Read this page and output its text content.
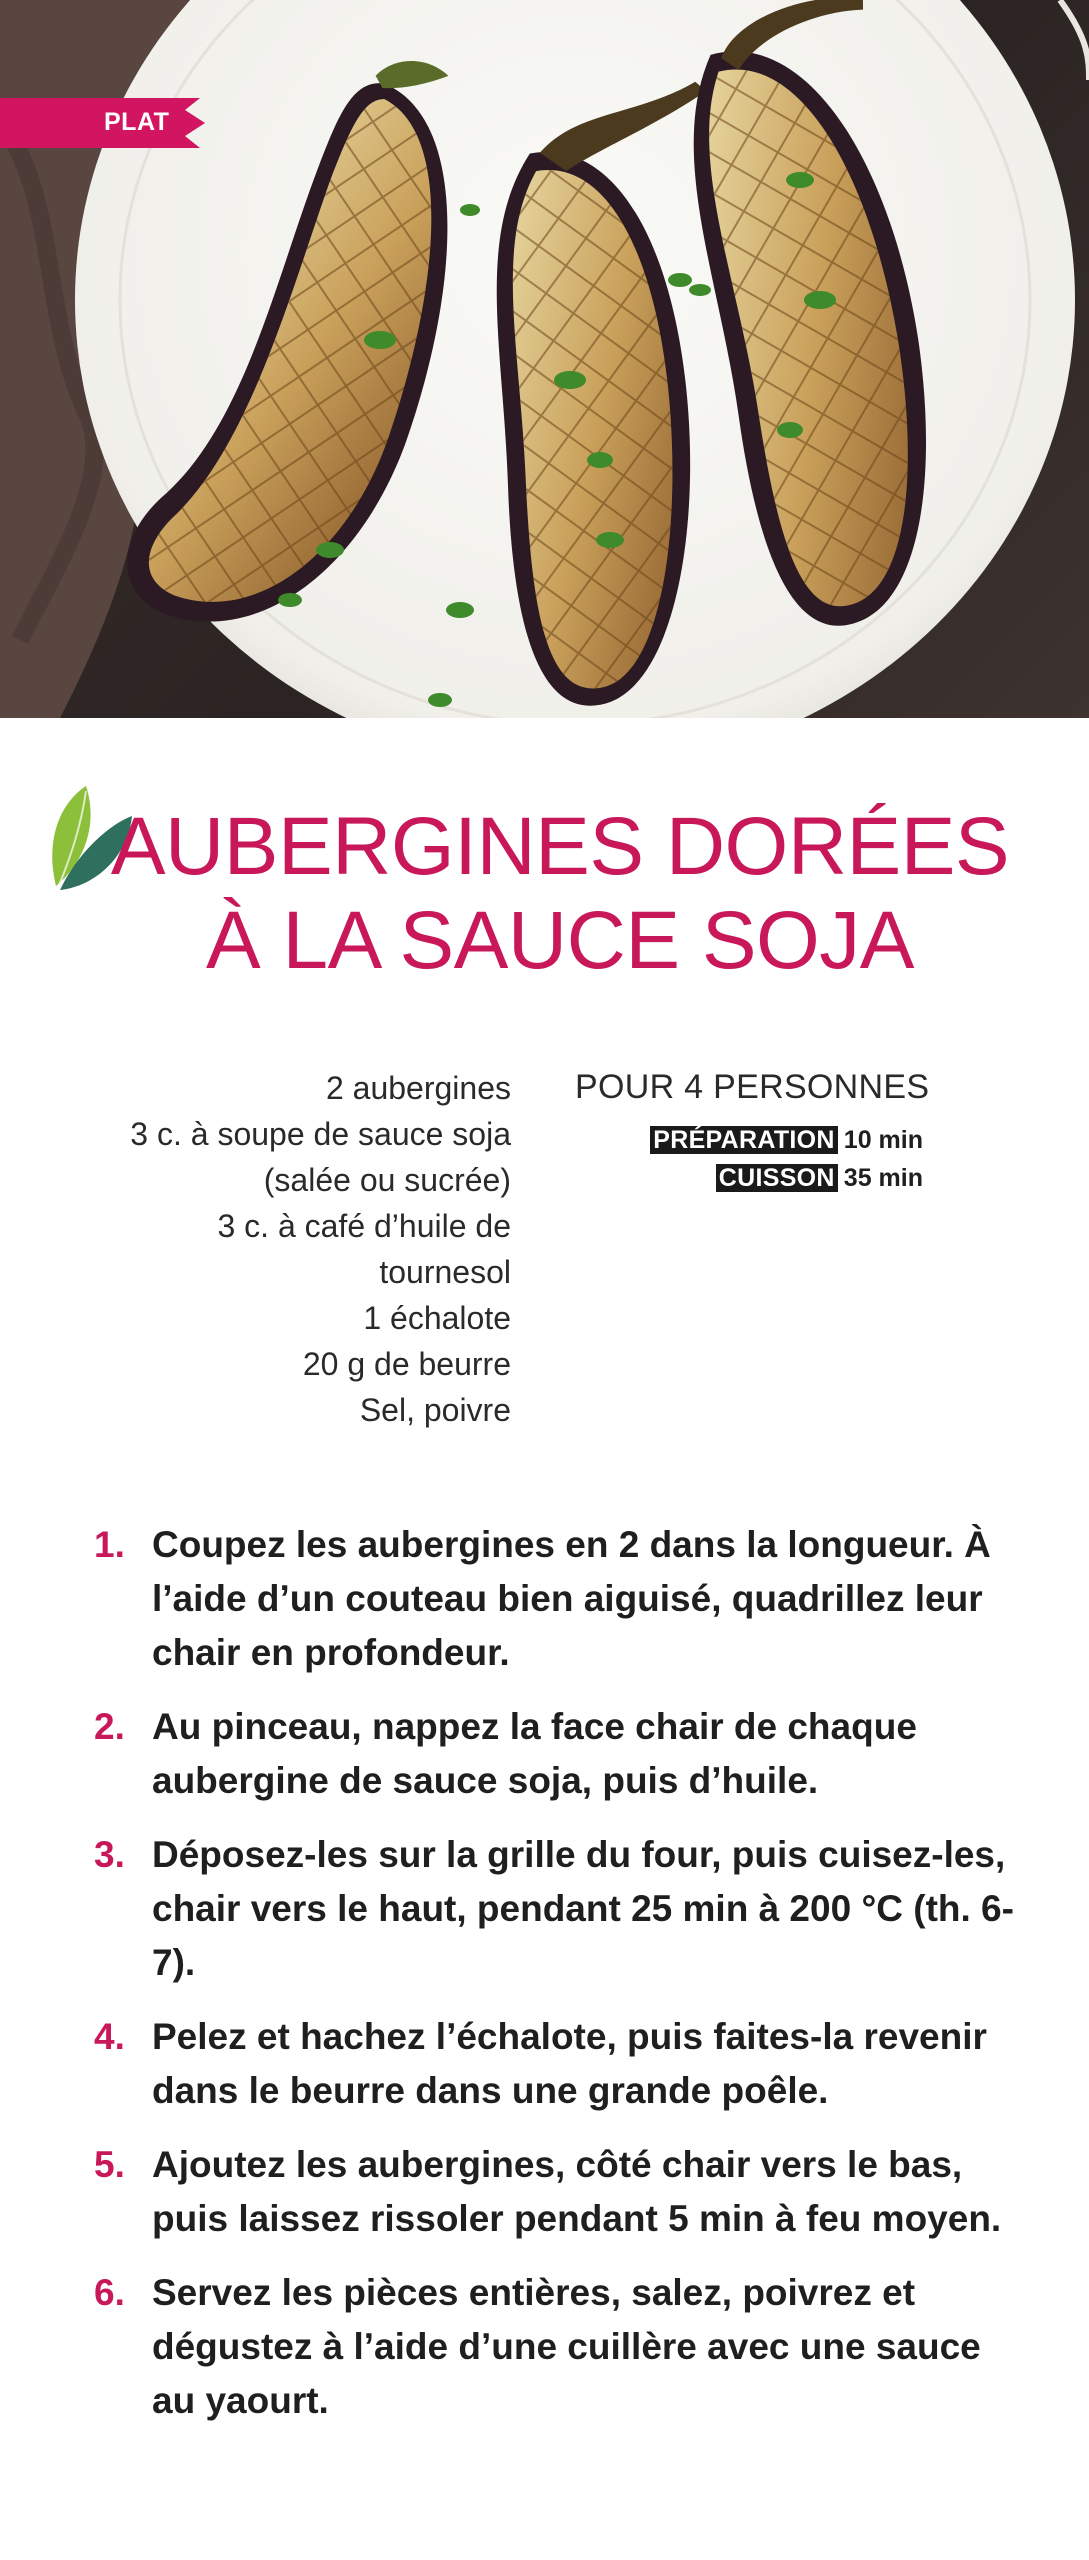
PLAT
AUBERGINES DORÉES
À LA SAUCE SOJA
2 aubergines
3 c. à soupe de sauce soja
(salée ou sucrée)
3 c. à café d’huile de
tournesol
1 échalote
20 g de beurre
Sel, poivre
POUR 4 PERSONNES
PRÉPARATION 10 min
CUISSON 35 min
1. Coupez les aubergines en 2 dans la longueur. À l’aide d’un couteau bien aiguisé, quadrillez leur chair en profondeur.
2. Au pinceau, nappez la face chair de chaque aubergine de sauce soja, puis d’huile.
3. Déposez-les sur la grille du four, puis cuisez-les, chair vers le haut, pendant 25 min à 200 °C (th. 6-7).
4. Pelez et hachez l’échalote, puis faites-la revenir dans le beurre dans une grande poêle.
5. Ajoutez les aubergines, côté chair vers le bas, puis laissez rissoler pendant 5 min à feu moyen.
6. Servez les pièces entières, salez, poivrez et dégustez à l’aide d’une cuillère avec une sauce au yaourt.
